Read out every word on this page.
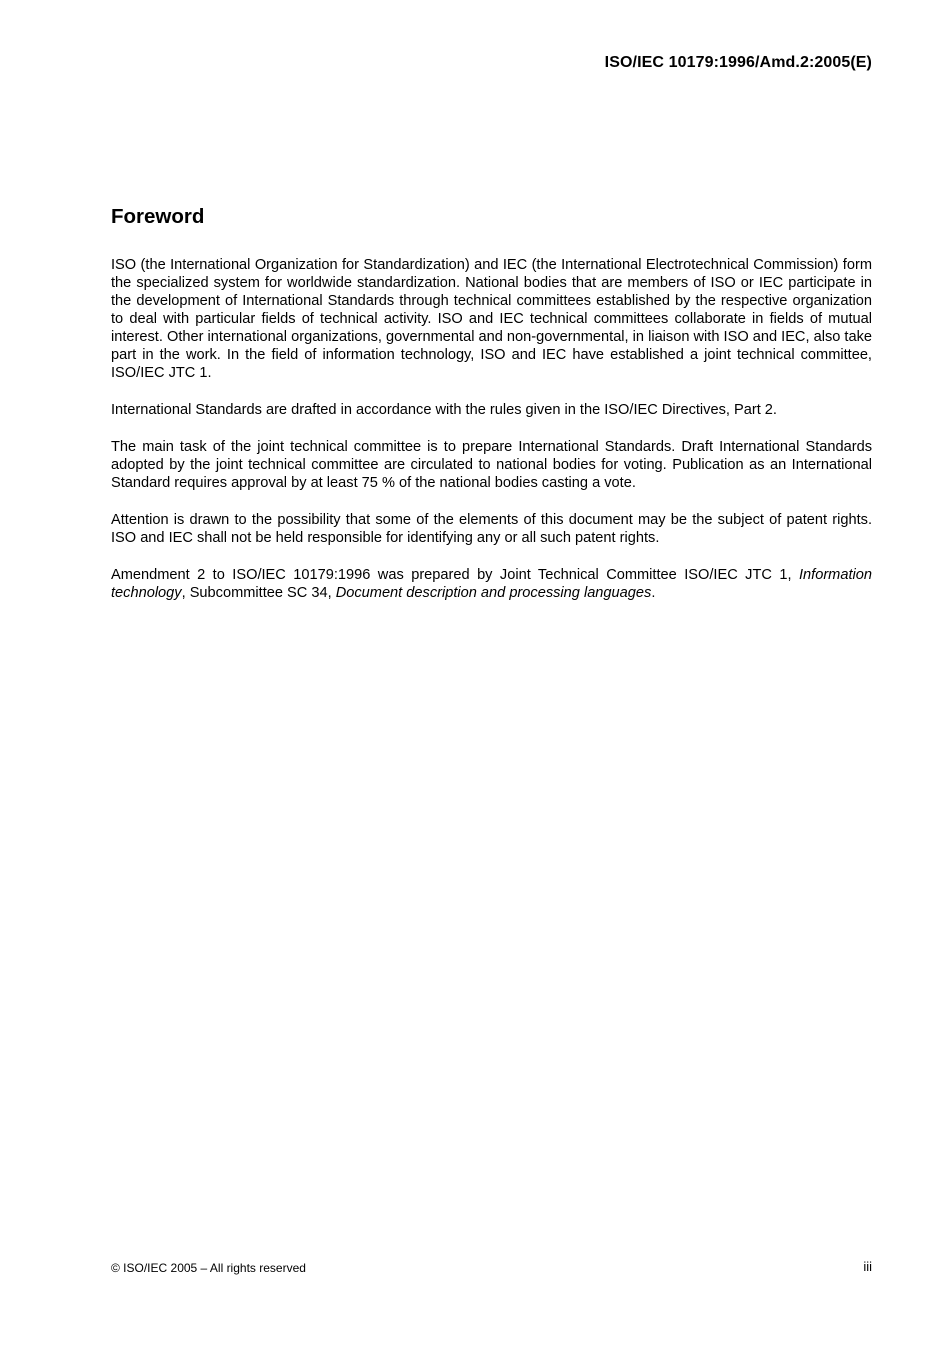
ISO/IEC 10179:1996/Amd.2:2005(E)
Foreword

ISO (the International Organization for Standardization) and IEC (the International Electrotechnical Commission) form the specialized system for worldwide standardization. National bodies that are members of ISO or IEC participate in the development of International Standards through technical committees established by the respective organization to deal with particular fields of technical activity. ISO and IEC technical committees collaborate in fields of mutual interest. Other international organizations, governmental and non-governmental, in liaison with ISO and IEC, also take part in the work. In the field of information technology, ISO and IEC have established a joint technical committee, ISO/IEC JTC 1.

International Standards are drafted in accordance with the rules given in the ISO/IEC Directives, Part 2.

The main task of the joint technical committee is to prepare International Standards. Draft International Standards adopted by the joint technical committee are circulated to national bodies for voting. Publication as an International Standard requires approval by at least 75 % of the national bodies casting a vote.

Attention is drawn to the possibility that some of the elements of this document may be the subject of patent rights. ISO and IEC shall not be held responsible for identifying any or all such patent rights.

Amendment 2 to ISO/IEC 10179:1996 was prepared by Joint Technical Committee ISO/IEC JTC 1, Information technology, Subcommittee SC 34, Document description and processing languages.

© ISO/IEC 2005 – All rights reserved	iii
